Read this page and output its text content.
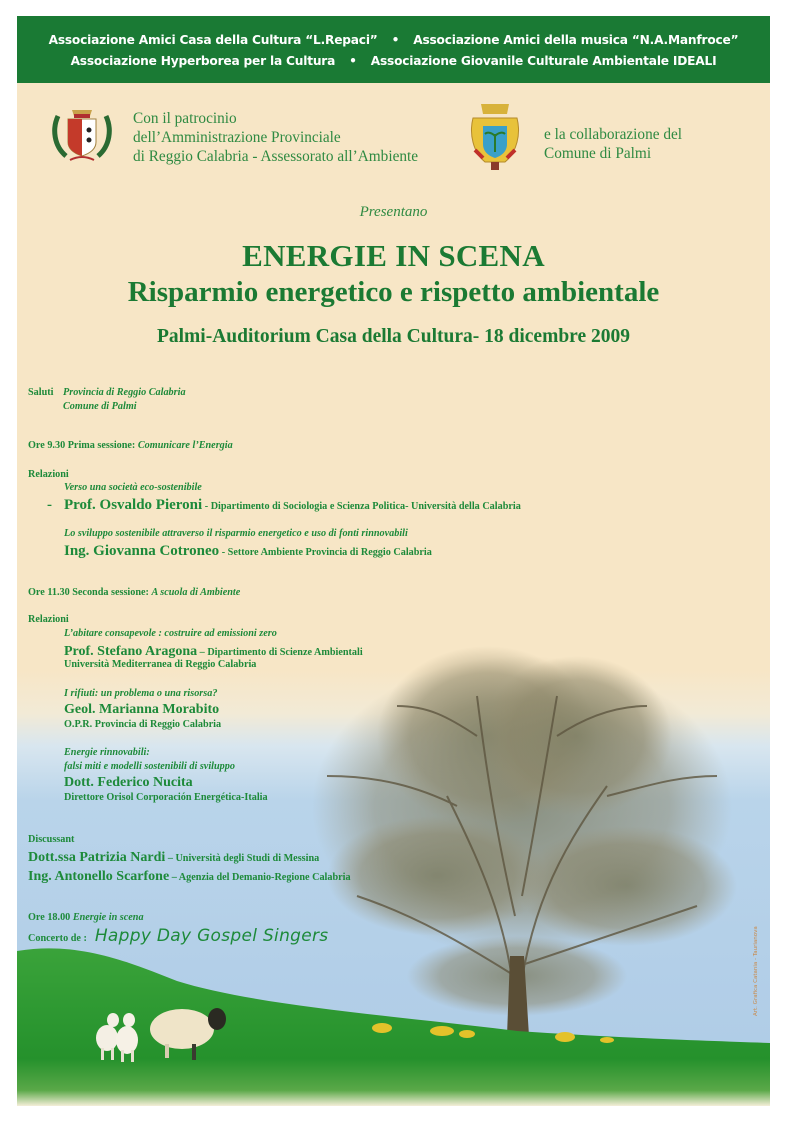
Associazione Amici Casa della Cultura “L.Repaci” • Associazione Amici della musica “N.A.Manfroce”
Associazione Hyperborea per la Cultura • Associazione Giovanile Culturale Ambientale IDEALI
Con il patrocinio
dell’Amministrazione Provinciale
di Reggio Calabria - Assessorato all’Ambiente
e la collaborazione del
Comune di Palmi
Presentano
ENERGIE IN SCENA
Risparmio energetico e rispetto ambientale
Palmi-Auditorium Casa della Cultura- 18 dicembre 2009
Saluti Provincia di Reggio Calabria
Comune di Palmi
Ore 9.30 Prima sessione: Comunicare l’Energia
Relazioni
Verso una società eco-sostenibile
- Prof. Osvaldo Pieroni - Dipartimento di Sociologia e Scienza Politica- Università della Calabria
Lo sviluppo sostenibile attraverso il risparmio energetico e uso di fonti rinnovabili
Ing. Giovanna Cotroneo - Settore Ambiente Provincia di Reggio Calabria
Ore 11.30 Seconda sessione: A scuola di Ambiente
Relazioni
L’abitare consapevole : costruire ad emissioni zero
Prof. Stefano Aragona – Dipartimento di Scienze Ambientali
Università Mediterranea di Reggio Calabria
I rifiuti: un problema o una risorsa?
Geol. Marianna Morabito
O.P.R. Provincia di Reggio Calabria
Energie rinnovabili:
falsi miti e modelli sostenibili di sviluppo
Dott. Federico Nucita
Direttore Orisol Corporación Energética-Italia
Discussant
Dott.ssa Patrizia Nardi – Università degli Studi di Messina
Ing. Antonello Scarfone – Agenzia del Demanio-Regione Calabria
Ore 18.00 Energie in scena
Concerto de : Happy Day Gospel Singers	Art. Grafica Catania - Taurianova
